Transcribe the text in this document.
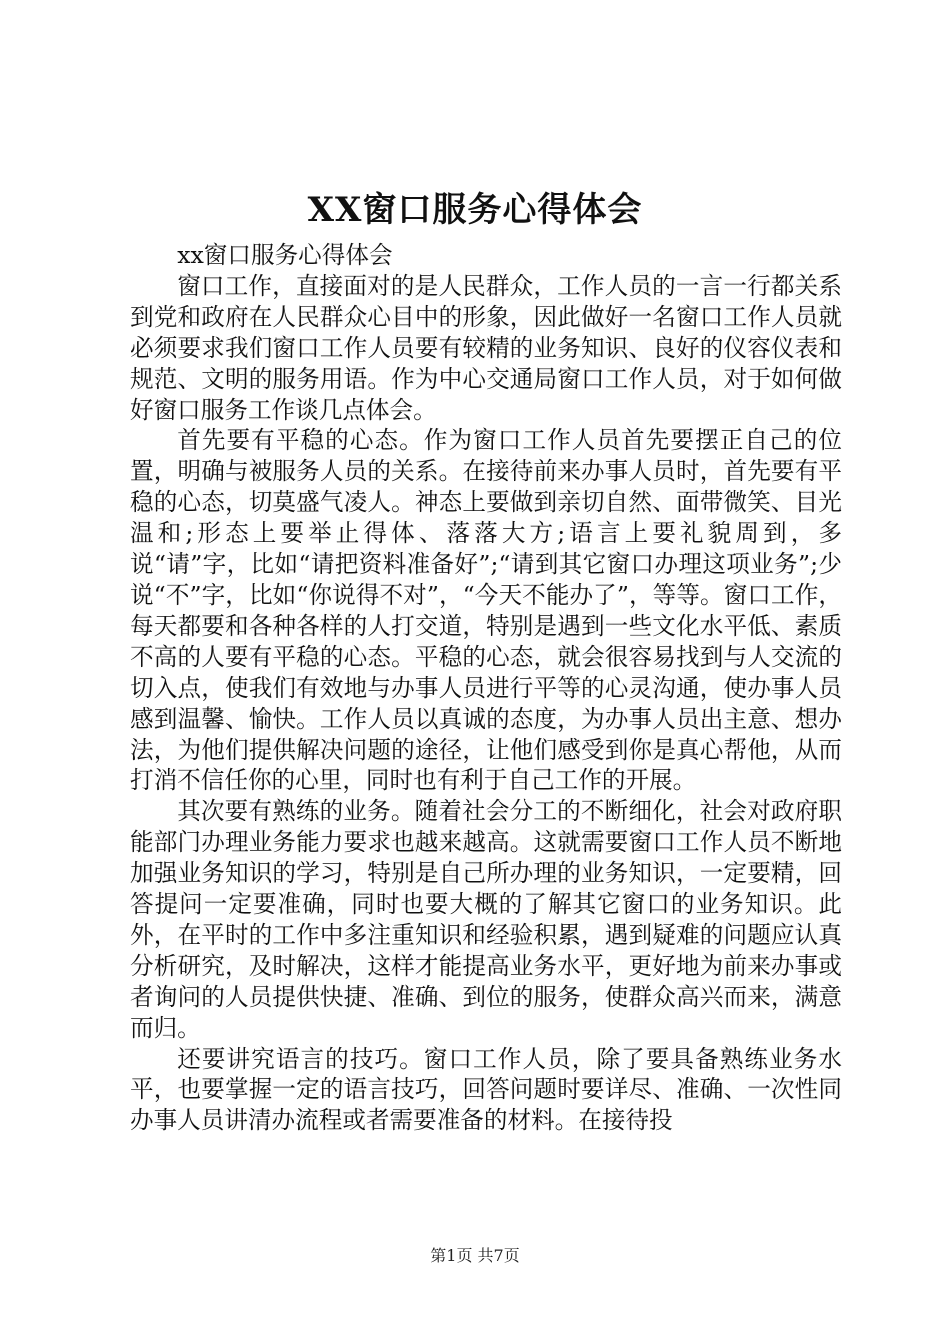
XX窗口服务心得体会

xx窗口服务心得体会

窗口工作，直接面对的是人民群众，工作人员的一言一行都关系到党和政府在人民群众心目中的形象，因此做好一名窗口工作人员就必须要求我们窗口工作人员要有较精的业务知识、良好的仪容仪表和规范、文明的服务用语。作为中心交通局窗口工作人员，对于如何做好窗口服务工作谈几点体会。

首先要有平稳的心态。作为窗口工作人员首先要摆正自己的位置，明确与被服务人员的关系。在接待前来办事人员时，首先要有平稳的心态，切莫盛气凌人。神态上要做到亲切自然、面带微笑、目光温和;形态上要举止得体、落落大方;语言上要礼貌周到，多说“请”字，比如“请把资料准备好”;“请到其它窗口办理这项业务”;少说“不”字，比如“你说得不对”，“今天不能办了”，等等。窗口工作，每天都要和各种各样的人打交道，特别是遇到一些文化水平低、素质不高的人要有平稳的心态。平稳的心态，就会很容易找到与人交流的切入点，使我们有效地与办事人员进行平等的心灵沟通，使办事人员感到温馨、愉快。工作人员以真诚的态度，为办事人员出主意、想办法，为他们提供解决问题的途径，让他们感受到你是真心帮他，从而打消不信任你的心里，同时也有利于自己工作的开展。

其次要有熟练的业务。随着社会分工的不断细化，社会对政府职能部门办理业务能力要求也越来越高。这就需要窗口工作人员不断地加强业务知识的学习，特别是自己所办理的业务知识，一定要精，回答提问一定要准确，同时也要大概的了解其它窗口的业务知识。此外，在平时的工作中多注重知识和经验积累，遇到疑难的问题应认真分析研究，及时解决，这样才能提高业务水平，更好地为前来办事或者询问的人员提供快捷、准确、到位的服务，使群众高兴而来，满意而归。

还要讲究语言的技巧。窗口工作人员，除了要具备熟练业务水平，也要掌握一定的语言技巧，回答问题时要详尽、准确、一次性同办事人员讲清办流程或者需要准备的材料。在接待投

第1页 共7页
